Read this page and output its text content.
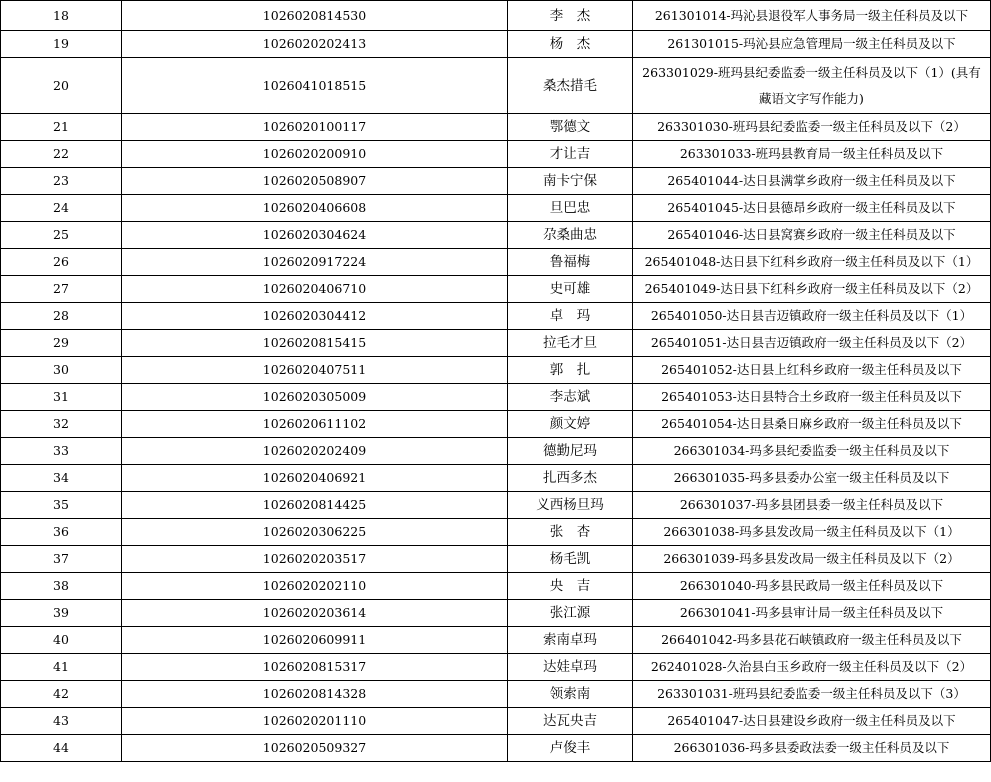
18	1026020814530	李　杰	261301014-玛沁县退役军人事务局一级主任科员及以下
19	1026020202413	杨　杰	261301015-玛沁县应急管理局一级主任科员及以下
20	1026041018515	桑杰措毛	263301029-班玛县纪委监委一级主任科员及以下（1）(具有藏语文字写作能力)
21	1026020100117	鄂德文	263301030-班玛县纪委监委一级主任科员及以下（2）
22	1026020200910	才让吉	263301033-班玛县教育局一级主任科员及以下
23	1026020508907	南卡宁保	265401044-达日县满掌乡政府一级主任科员及以下
24	1026020406608	旦巴忠	265401045-达日县德昂乡政府一级主任科员及以下
25	1026020304624	尕桑曲忠	265401046-达日县窝赛乡政府一级主任科员及以下
26	1026020917224	鲁福梅	265401048-达日县下红科乡政府一级主任科员及以下（1）
27	1026020406710	史可雄	265401049-达日县下红科乡政府一级主任科员及以下（2）
28	1026020304412	卓　玛	265401050-达日县吉迈镇政府一级主任科员及以下（1）
29	1026020815415	拉毛才旦	265401051-达日县吉迈镇政府一级主任科员及以下（2）
30	1026020407511	郭　扎	265401052-达日县上红科乡政府一级主任科员及以下
31	1026020305009	李志斌	265401053-达日县特合土乡政府一级主任科员及以下
32	1026020611102	颜文婷	265401054-达日县桑日麻乡政府一级主任科员及以下
33	1026020202409	德勤尼玛	266301034-玛多县纪委监委一级主任科员及以下
34	1026020406921	扎西多杰	266301035-玛多县委办公室一级主任科员及以下
35	1026020814425	义西杨旦玛	266301037-玛多县团县委一级主任科员及以下
36	1026020306225	张　杏	266301038-玛多县发改局一级主任科员及以下（1）
37	1026020203517	杨毛凯	266301039-玛多县发改局一级主任科员及以下（2）
38	1026020202110	央　吉	266301040-玛多县民政局一级主任科员及以下
39	1026020203614	张江源	266301041-玛多县审计局一级主任科员及以下
40	1026020609911	索南卓玛	266401042-玛多县花石峡镇政府一级主任科员及以下
41	1026020815317	达娃卓玛	262401028-久治县白玉乡政府一级主任科员及以下（2）
42	1026020814328	领索南	263301031-班玛县纪委监委一级主任科员及以下（3）
43	1026020201110	达瓦央吉	265401047-达日县建设乡政府一级主任科员及以下
44	1026020509327	卢俊丰	266301036-玛多县委政法委一级主任科员及以下
